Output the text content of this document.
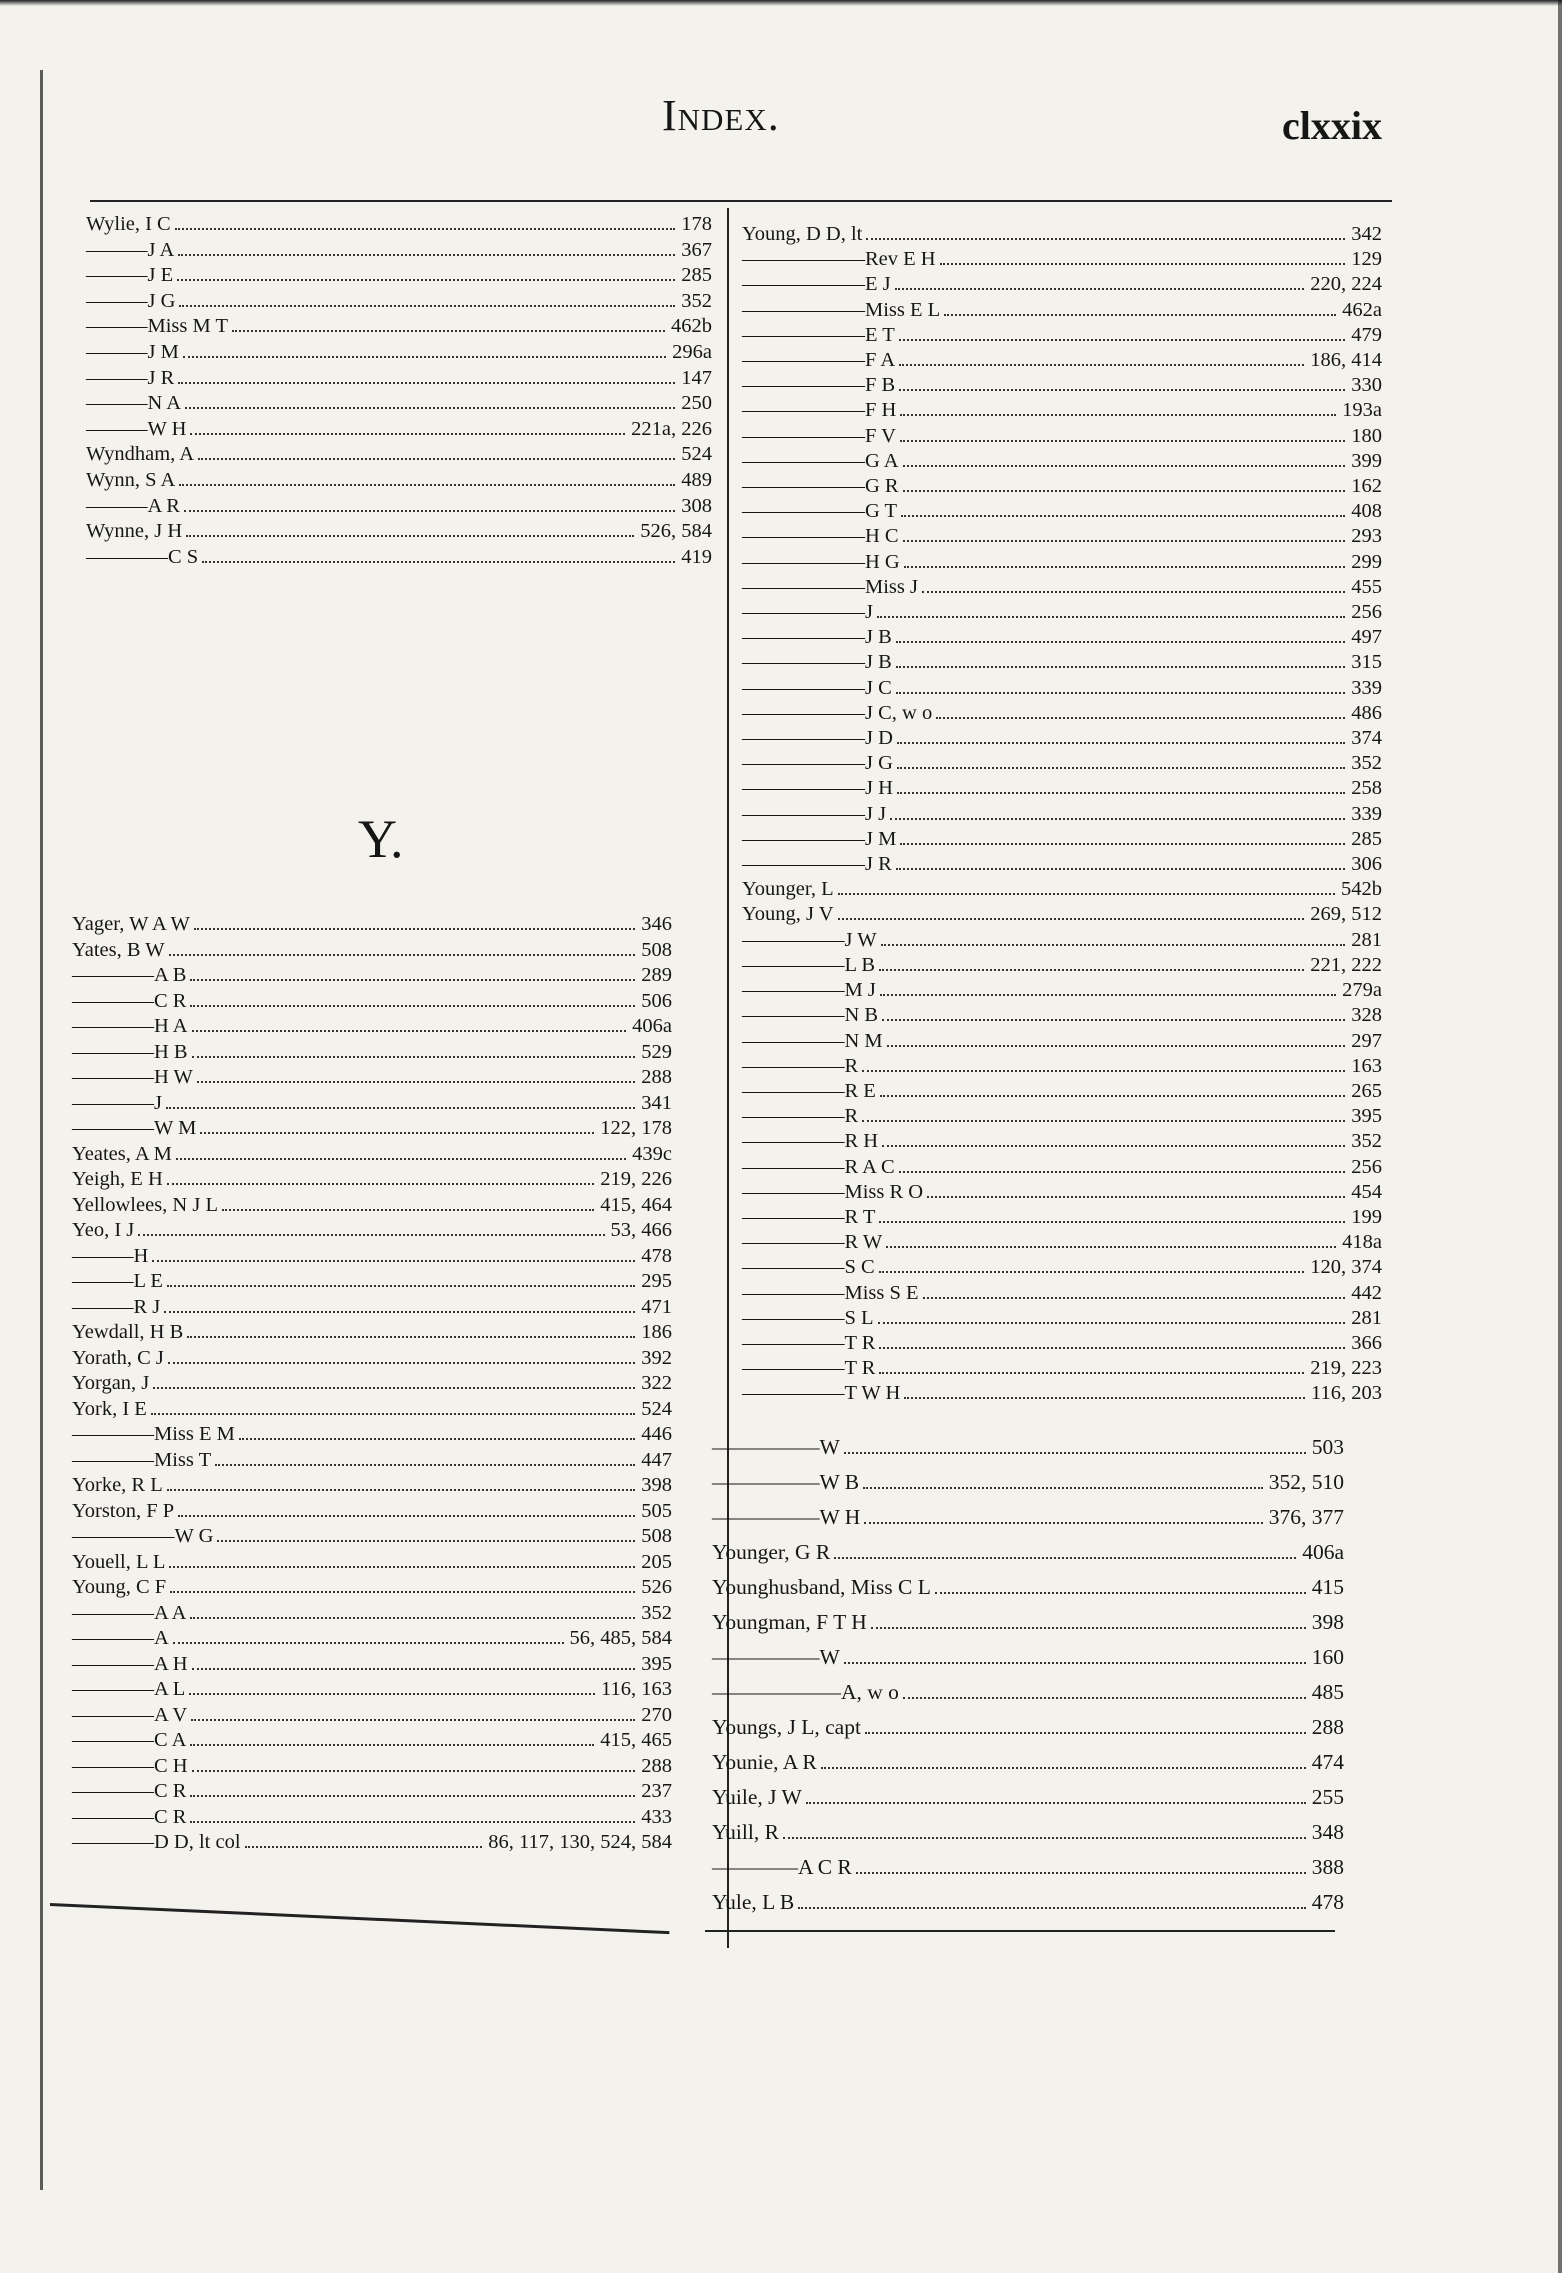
Index.	clxxix
Wylie, I C	178
———J A	367
———J E	285
———J G	352
———Miss M T	462b
———J M	296a
———J R	147
———N A	250
———W H	221a, 226
Wyndham, A	524
Wynn, S A	489
———A R	308
Wynne, J H	526, 584
————C S	419
Y.
Yager, W A W	346
Yates, B W	508
————A B	289
————C R	506
————H A	406a
————H B	529
————H W	288
————J	341
————W M	122, 178
Yeates, A M	439c
Yeigh, E H	219, 226
Yellowlees, N J L	415, 464
Yeo, I J	53, 466
———H	478
———L E	295
———R J	471
Yewdall, H B	186
Yorath, C J	392
Yorgan, J	322
York, I E	524
————Miss E M	446
————Miss T	447
Yorke, R L	398
Yorston, F P	505
—————W G	508
Youell, L L	205
Young, C F	526
————A A	352
————A	56, 485, 584
————A H	395
————A L	116, 163
————A V	270
————C A	415, 465
————C H	288
————C R	237
————C R	433
————D D, lt col	86, 117, 130, 524, 584
Young, D D, lt	342
——————Rev E H	129
——————E J	220, 224
——————Miss E L	462a
——————E T	479
——————F A	186, 414
——————F B	330
——————F H	193a
——————F V	180
——————G A	399
——————G R	162
——————G T	408
——————H C	293
——————H G	299
——————Miss J	455
——————J	256
——————J B	497
——————J B	315
——————J C	339
——————J C, w o	486
——————J D	374
——————J G	352
——————J H	258
——————J J	339
——————J M	285
——————J R	306
Younger, L	542b
Young, J V	269, 512
—————J W	281
—————L B	221, 222
—————M J	279a
—————N B	328
—————N M	297
—————R	163
—————R E	265
—————R	395
—————R H	352
—————R A C	256
—————Miss R O	454
—————R T	199
—————R W	418a
—————S C	120, 374
—————Miss S E	442
—————S L	281
—————T R	366
—————T R	219, 223
—————T W H	116, 203
—————W	503
—————W B	352, 510
—————W H	376, 377
Younger, G R	406a
Younghusband, Miss C L	415
Youngman, F T H	398
—————W	160
——————A, w o	485
Youngs, J L, capt	288
Younie, A R	474
Yuile, J W	255
Yuill, R	348
————A C R	388
Yule, L B	478
